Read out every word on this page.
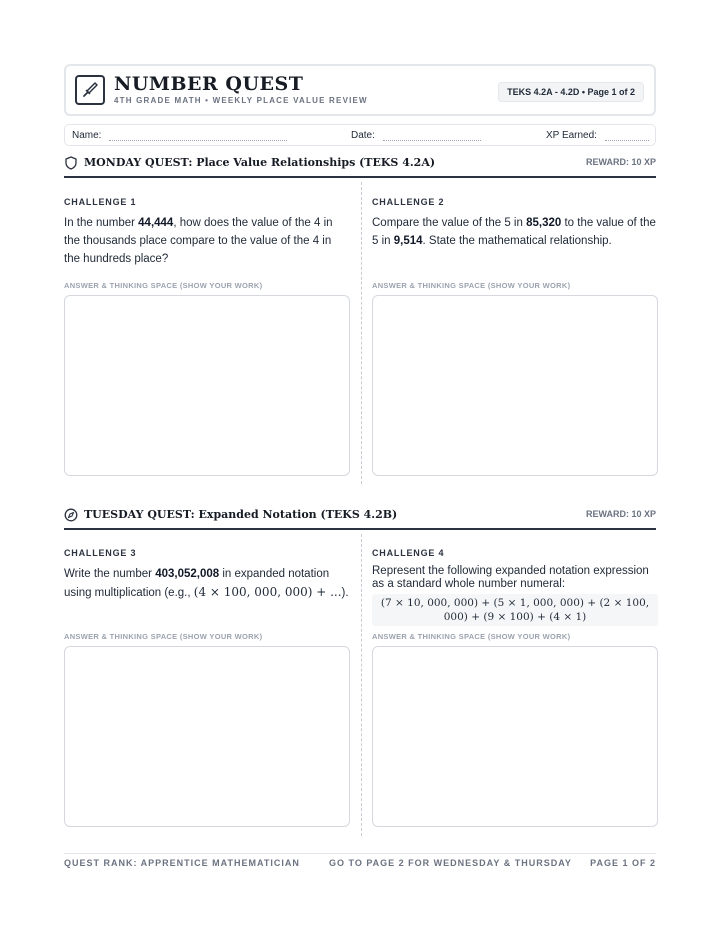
NUMBER QUEST
4TH GRADE MATH • WEEKLY PLACE VALUE REVIEW
TEKS 4.2A - 4.2D • Page 1 of 2
Name:	Date:	XP Earned:
MONDAY QUEST: Place Value Relationships (TEKS 4.2A)	REWARD: 10 XP
CHALLENGE 1
In the number 44,444, how does the value of the 4 in the thousands place compare to the value of the 4 in the hundreds place?
CHALLENGE 2
Compare the value of the 5 in 85,320 to the value of the 5 in 9,514. State the mathematical relationship.
ANSWER & THINKING SPACE (SHOW YOUR WORK)	ANSWER & THINKING SPACE (SHOW YOUR WORK)
TUESDAY QUEST: Expanded Notation (TEKS 4.2B)	REWARD: 10 XP
CHALLENGE 3
Write the number 403,052,008 in expanded notation using multiplication (e.g., (4 × 100, 000, 000) + ...).
CHALLENGE 4
Represent the following expanded notation expression as a standard whole number numeral:
(7 × 10, 000, 000) + (5 × 1, 000, 000) + (2 × 100, 000) + (9 × 100) + (4 × 1)
ANSWER & THINKING SPACE (SHOW YOUR WORK)	ANSWER & THINKING SPACE (SHOW YOUR WORK)
QUEST RANK: APPRENTICE MATHEMATICIAN	GO TO PAGE 2 FOR WEDNESDAY & THURSDAY PAGE 1 OF 2
